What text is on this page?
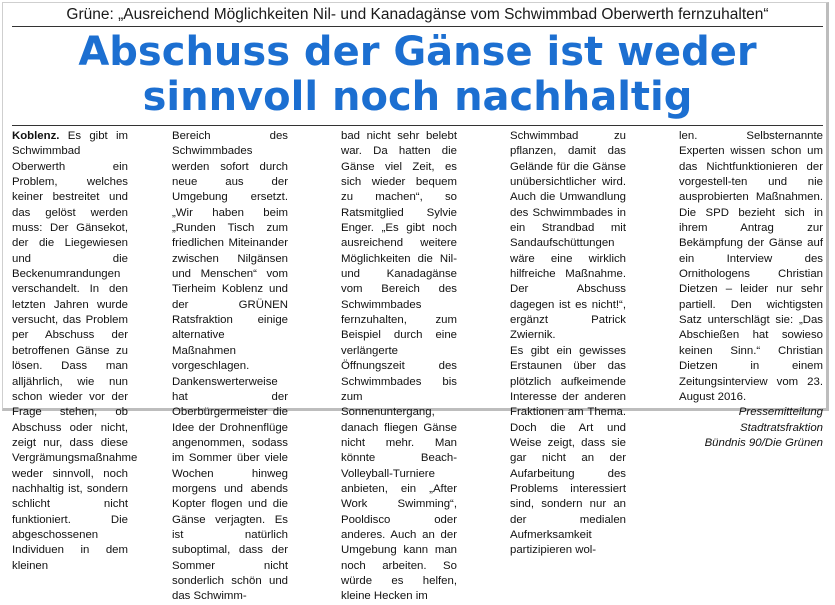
Grüne: „Ausreichend Möglichkeiten Nil- und Kanadagänse vom Schwimmbad Oberwerth fernzuhalten“
Abschuss der Gänse ist weder
sinnvoll noch nachhaltig

Koblenz. Es gibt im Schwimmbad Oberwerth ein Problem, welches keiner bestreitet und das gelöst werden muss: Der Gänsekot, der die Liegewiesen und die Beckenumrandungen verschandelt. In den letzten Jahren wurde versucht, das Problem per Abschuss der betroffenen Gänse zu lösen. Dass man alljährlich, wie nun schon wieder vor der Frage stehen, ob Abschuss oder nicht, zeigt nur, dass diese Vergrämungsmaßnahme weder sinnvoll, noch nachhaltig ist, sondern schlicht nicht funktioniert. Die abgeschossenen Individuen in dem kleinen

Bereich des Schwimmbades werden sofort durch neue aus der Umgebung ersetzt. „Wir haben beim „Runden Tisch zum friedlichen Miteinander zwischen Nilgänsen und Menschen“ vom Tierheim Koblenz und der GRÜNEN Ratsfraktion einige alternative Maßnahmen vorgeschlagen. Dankenswerterweise hat der Oberbürgermeister die Idee der Drohnenflüge angenommen, sodass im Sommer über viele Wochen hinweg morgens und abends Kopter flogen und die Gänse verjagten. Es ist natürlich suboptimal, dass der Sommer nicht sonderlich schön und das Schwimm-

bad nicht sehr belebt war. Da hatten die Gänse viel Zeit, es sich wieder bequem zu machen“, so Ratsmitglied Sylvie Enger. „Es gibt noch ausreichend weitere Möglichkeiten die Nil- und Kanadagänse vom Bereich des Schwimmbades fernzuhalten, zum Beispiel durch eine verlängerte Öffnungszeit des Schwimmbades bis zum Sonnenuntergang, danach fliegen Gänse nicht mehr. Man könnte Beach-Volleyball-Turniere anbieten, ein „After Work Swimming“, Pooldisco oder anderes. Auch an der Umgebung kann man noch arbeiten. So würde es helfen, kleine Hecken im

Schwimmbad zu pflanzen, damit das Gelände für die Gänse unübersichtlicher wird. Auch die Umwandlung des Schwimmbades in ein Strandbad mit Sandaufschüttungen wäre eine wirklich hilfreiche Maßnahme. Der Abschuss dagegen ist es nicht!“, ergänzt Patrick Zwiernik.

Es gibt ein gewisses Erstaunen über das plötzlich aufkeimende Interesse der anderen Fraktionen am Thema. Doch die Art und Weise zeigt, dass sie gar nicht an der Aufarbeitung des Problems interessiert sind, sondern nur an der medialen Aufmerksamkeit partizipieren wol-

len. Selbsternannte Experten wissen schon um das Nichtfunktionieren der vorgestell-ten und nie ausprobierten Maßnahmen. Die SPD bezieht sich in ihrem Antrag zur Bekämpfung der Gänse auf ein Interview des Ornithologens Christian Dietzen – leider nur sehr partiell. Den wichtigsten Satz unterschlägt sie: „Das Abschießen hat sowieso keinen Sinn.“ Christian Dietzen in einem Zeitungsinterview vom 23. August 2016.

Pressemitteilung
Stadtratsfraktion
Bündnis 90/Die Grünen
